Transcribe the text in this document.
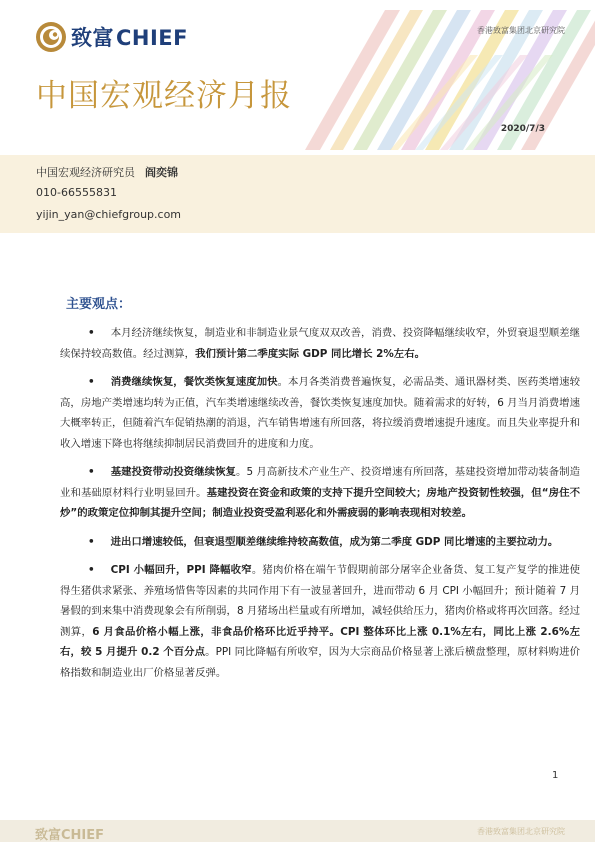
致富CHIEF	香港致富集团北京研究院
中国宏观经济月报
2020/7/3
中国宏观经济研究员 阎奕锦
010-66555831
yijin_yan@chiefgroup.com
主要观点：
• 本月经济继续恢复，制造业和非制造业景气度双双改善，消费、投资降幅继续收窄，外贸衰退型顺差继续保持较高数值。经过测算，我们预计第二季度实际 GDP 同比增长 2%左右。
• 消费继续恢复，餐饮类恢复速度加快。本月各类消费普遍恢复，必需品类、通讯器材类、医药类增速较高，房地产类增速均转为正值，汽车类增速继续改善，餐饮类恢复速度加快。随着需求的好转，6 月当月消费增速大概率转正，但随着汽车促销热潮的消退，汽车销售增速有所回落，将拉缓消费增速提升速度。而且失业率提升和收入增速下降也将继续抑制居民消费回升的进度和力度。
• 基建投资带动投资继续恢复。5 月高新技术产业生产、投资增速有所回落，基建投资增加带动装备制造业和基础原材料行业明显回升。基建投资在资金和政策的支持下提升空间较大；房地产投资韧性较强，但“房住不炒”的政策定位抑制其提升空间；制造业投资受盈利恶化和外需疲弱的影响表现相对较差。
• 进出口增速较低，但衰退型顺差继续维持较高数值，成为第二季度 GDP 同比增速的主要拉动力。
• CPI 小幅回升，PPI 降幅收窄。猪肉价格在端午节假期前部分屠宰企业备货、复工复产复学的推进使得生猪供求紧张、养殖场惜售等因素的共同作用下有一波显著回升，进而带动 6 月 CPI 小幅回升；预计随着 7 月暑假的到来集中消费现象会有所削弱，8 月猪场出栏量或有所增加，减轻供给压力，猪肉价格或将再次回落。经过测算，6 月食品价格小幅上涨，非食品价格环比近乎持平。CPI 整体环比上涨 0.1%左右，同比上涨 2.6%左右，较 5 月提升 0.2 个百分点。PPI 同比降幅有所收窄，因为大宗商品价格显著上涨后横盘整理，原材料购进价格指数和制造业出厂价格显著反弹。
1
致富CHIEF	香港致富集团北京研究院
